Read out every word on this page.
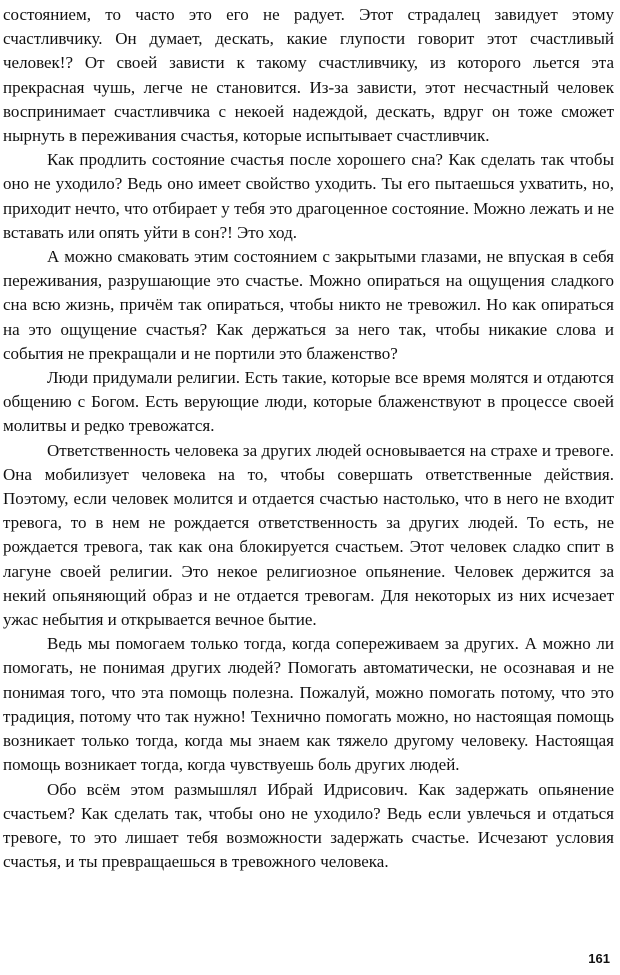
состоянием, то часто это его не радует. Этот страдалец завидует этому счастливчику. Он думает, дескать, какие глупости говорит этот счастливый человек!? От своей зависти к такому счастливчику, из которого льется эта прекрасная чушь, легче не становится. Из-за зависти, этот несчастный человек воспринимает счастливчика с некоей надеждой, дескать, вдруг он тоже сможет нырнуть в переживания счастья, которые испытывает счастливчик.

Как продлить состояние счастья после хорошего сна? Как сделать так чтобы оно не уходило? Ведь оно имеет свойство уходить. Ты его пытаешься ухватить, но, приходит нечто, что отбирает у тебя это драгоценное состояние. Можно лежать и не вставать или опять уйти в сон?! Это ход.

А можно смаковать этим состоянием с закрытыми глазами, не впуская в себя переживания, разрушающие это счастье. Можно опираться на ощущения сладкого сна всю жизнь, причём так опираться, чтобы никто не тревожил. Но как опираться на это ощущение счастья? Как держаться за него так, чтобы никакие слова и события не прекращали и не портили это блаженство?

Люди придумали религии. Есть такие, которые все время молятся и отдаются общению с Богом. Есть верующие люди, которые блаженствуют в процессе своей молитвы и редко тревожатся.

Ответственность человека за других людей основывается на страхе и тревоге. Она мобилизует человека на то, чтобы совершать ответственные действия. Поэтому, если человек молится и отдается счастью настолько, что в него не входит тревога, то в нем не рождается ответственность за других людей. То есть, не рождается тревога, так как она блокируется счастьем. Этот человек сладко спит в лагуне своей религии. Это некое религиозное опьянение. Человек держится за некий опьяняющий образ и не отдается тревогам. Для некоторых из них исчезает ужас небытия и открывается вечное бытие.

Ведь мы помогаем только тогда, когда сопереживаем за других. А можно ли помогать, не понимая других людей? Помогать автоматически, не осознавая и не понимая того, что эта помощь полезна. Пожалуй, можно помогать потому, что это традиция, потому что так нужно! Технично помогать можно, но настоящая помощь возникает только тогда, когда мы знаем как тяжело другому человеку. Настоящая помощь возникает тогда, когда чувствуешь боль других людей.

Обо всём этом размышлял Ибрай Идрисович. Как задержать опьянение счастьем? Как сделать так, чтобы оно не уходило? Ведь если увлечься и отдаться тревоге, то это лишает тебя возможности задержать счастье. Исчезают условия счастья, и ты превращаешься в тревожного человека.

161
